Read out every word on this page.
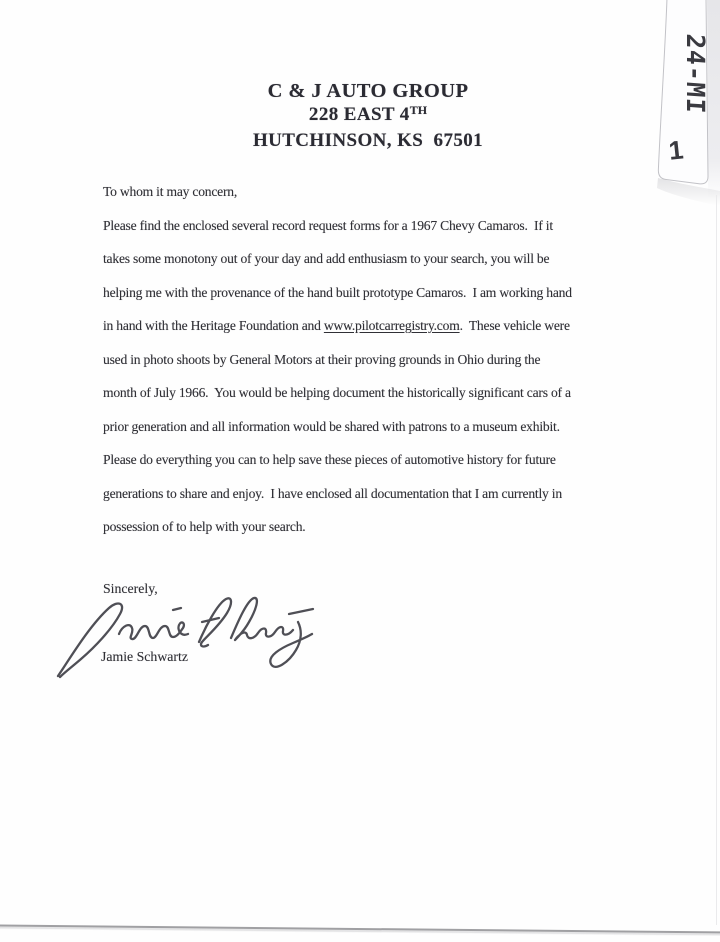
C & J AUTO GROUP
228 EAST 4TH
HUTCHINSON, KS  67501
To whom it may concern,
Please find the enclosed several record request forms for a 1967 Chevy Camaros.  If it
takes some monotony out of your day and add enthusiasm to your search, you will be
helping me with the provenance of the hand built prototype Camaros.  I am working hand
in hand with the Heritage Foundation and www.pilotcarregistry.com.  These vehicle were
used in photo shoots by General Motors at their proving grounds in Ohio during the
month of July 1966.  You would be helping document the historically significant cars of a
prior generation and all information would be shared with patrons to a museum exhibit.
Please do everything you can to help save these pieces of automotive history for future
generations to share and enjoy.  I have enclosed all documentation that I am currently in
possession of to help with your search.
Sincerely,
Jamie Schwartz
24-MI
1
